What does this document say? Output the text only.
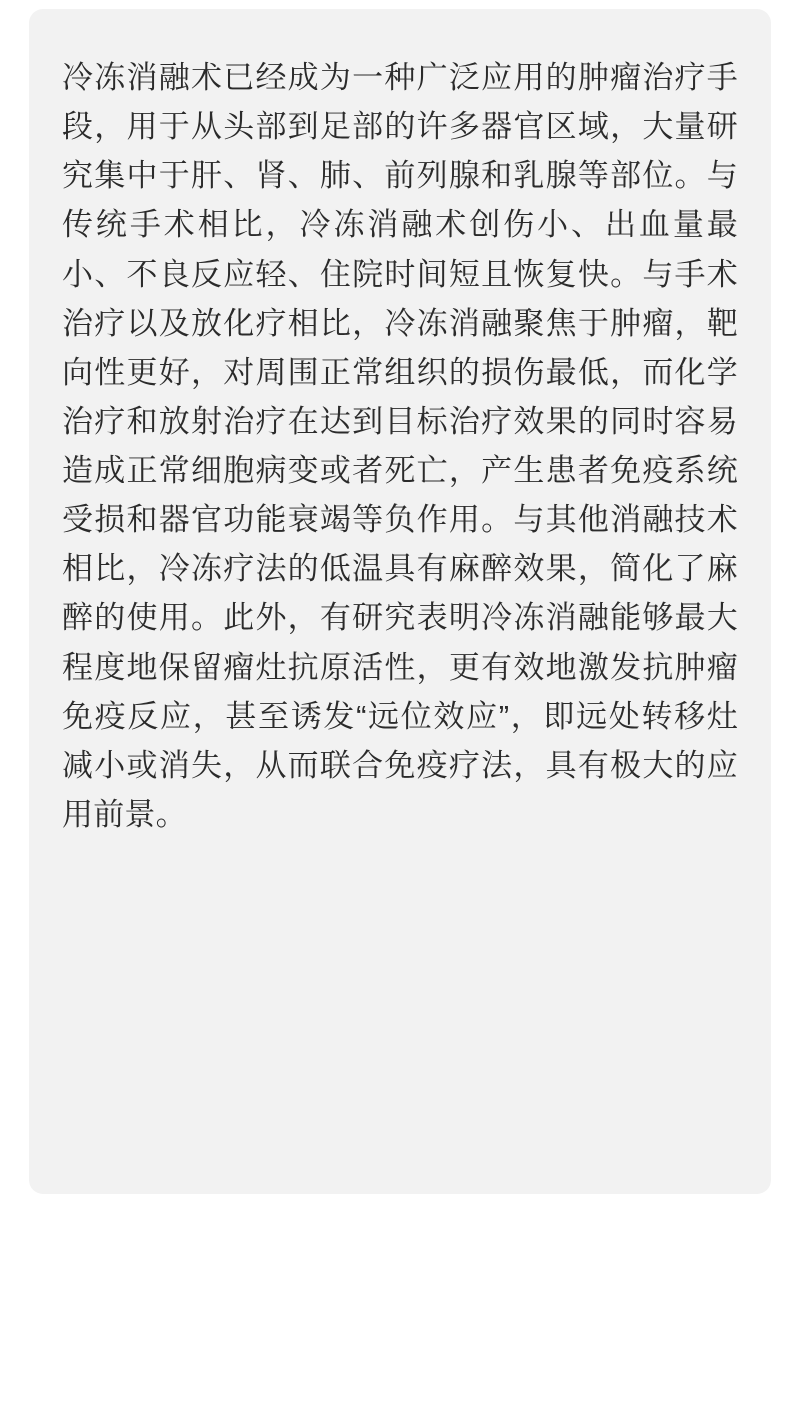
冷冻消融术已经成为一种广泛应用的肿瘤治疗手段，用于从头部到足部的许多器官区域，大量研究集中于肝、肾、肺、前列腺和乳腺等部位。与传统手术相比，冷冻消融术创伤小、出血量最小、不良反应轻、住院时间短且恢复快。与手术治疗以及放化疗相比，冷冻消融聚焦于肿瘤，靶向性更好，对周围正常组织的损伤最低，而化学治疗和放射治疗在达到目标治疗效果的同时容易造成正常细胞病变或者死亡，产生患者免疫系统受损和器官功能衰竭等负作用。与其他消融技术相比，冷冻疗法的低温具有麻醉效果，简化了麻醉的使用。此外，有研究表明冷冻消融能够最大程度地保留瘤灶抗原活性，更有效地激发抗肿瘤免疫反应，甚至诱发“远位效应”，即远处转移灶减小或消失，从而联合免疫疗法，具有极大的应用前景。
